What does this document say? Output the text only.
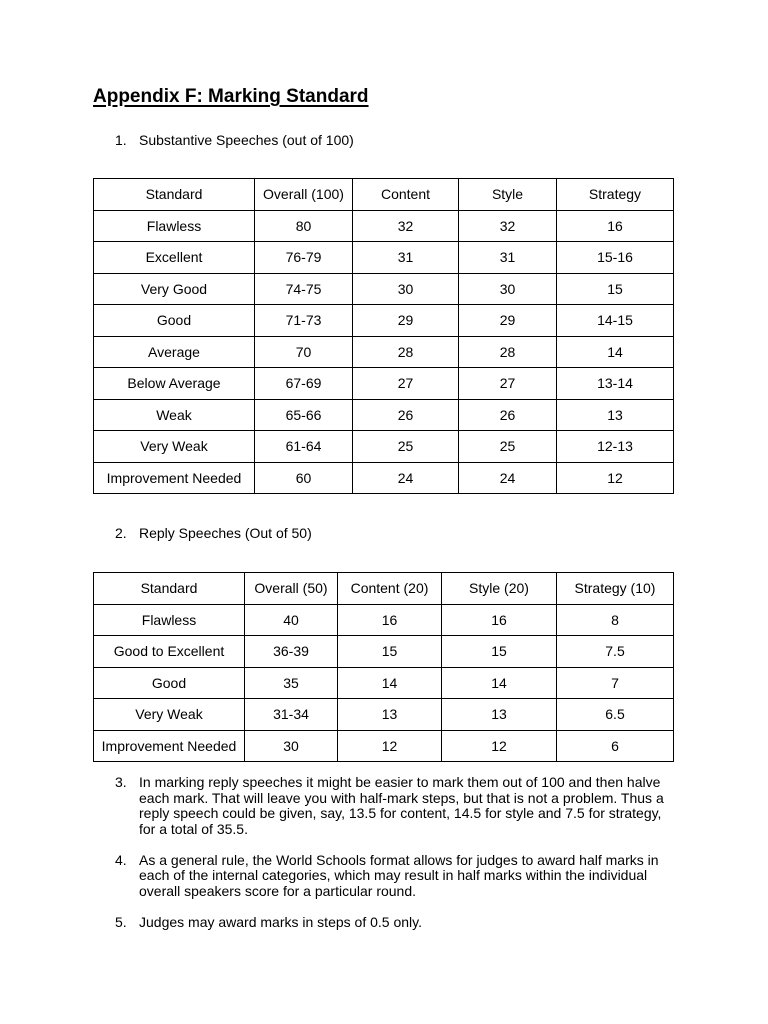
Appendix F: Marking Standard
1. Substantive Speeches (out of 100)
Standard	Overall (100)	Content	Style	Strategy
Flawless	80	32	32	16
Excellent	76-79	31	31	15-16
Very Good	74-75	30	30	15
Good	71-73	29	29	14-15
Average	70	28	28	14
Below Average	67-69	27	27	13-14
Weak	65-66	26	26	13
Very Weak	61-64	25	25	12-13
Improvement Needed	60	24	24	12
2. Reply Speeches (Out of 50)
Standard	Overall (50)	Content (20)	Style (20)	Strategy (10)
Flawless	40	16	16	8
Good to Excellent	36-39	15	15	7.5
Good	35	14	14	7
Very Weak	31-34	13	13	6.5
Improvement Needed	30	12	12	6
3. In marking reply speeches it might be easier to mark them out of 100 and then halve each mark. That will leave you with half-mark steps, but that is not a problem. Thus a reply speech could be given, say, 13.5 for content, 14.5 for style and 7.5 for strategy, for a total of 35.5.
4. As a general rule, the World Schools format allows for judges to award half marks in each of the internal categories, which may result in half marks within the individual overall speakers score for a particular round.
5. Judges may award marks in steps of 0.5 only.
